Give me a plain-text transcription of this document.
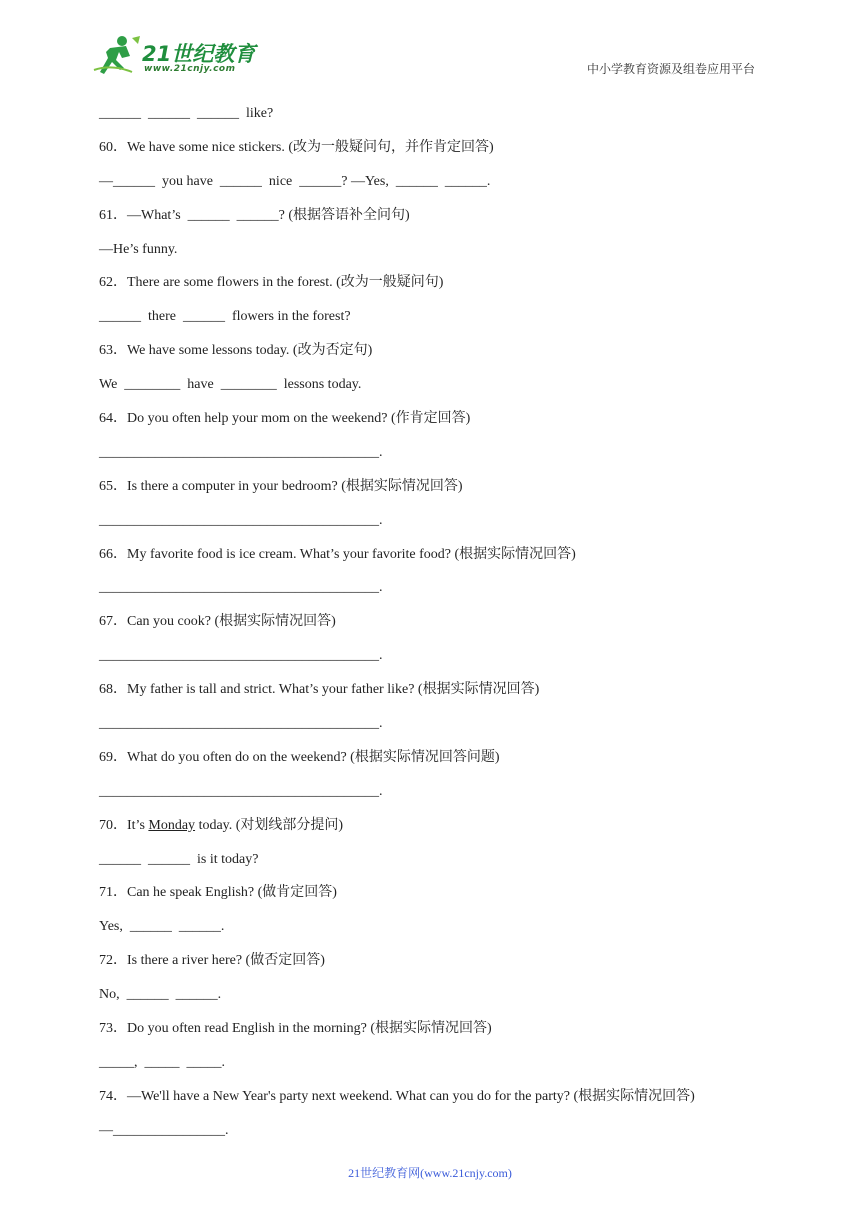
21世纪教育
www.21cnjy.com	中小学教育资源及组卷应用平台
______  ______  ______  like?
60．We have some nice stickers. (改为一般疑问句，并作肯定回答)
—______  you have  ______  nice  ______? —Yes,  ______  ______.
61．—What’s  ______  ______? (根据答语补全问句)
—He’s funny.
62．There are some flowers in the forest. (改为一般疑问句)
______  there  ______  flowers in the forest?
63．We have some lessons today. (改为否定句)
We  ________  have  ________  lessons today.
64．Do you often help your mom on the weekend? (作肯定回答)
________________________________________.
65．Is there a computer in your bedroom? (根据实际情况回答)
________________________________________.
66．My favorite food is ice cream. What’s your favorite food? (根据实际情况回答)
________________________________________.
67．Can you cook? (根据实际情况回答)
________________________________________.
68．My father is tall and strict. What’s your father like? (根据实际情况回答)
________________________________________.
69．What do you often do on the weekend? (根据实际情况回答问题)
________________________________________.
70．It’s Monday today. (对划线部分提问)
______  ______  is it today?
71．Can he speak English? (做肯定回答)
Yes,  ______  ______.
72．Is there a river here? (做否定回答)
No,  ______  ______.
73．Do you often read English in the morning? (根据实际情况回答)
_____,  _____  _____.
74．—We'll have a New Year's party next weekend. What can you do for the party? (根据实际情况回答)
—________________.
21世纪教育网(www.21cnjy.com)
